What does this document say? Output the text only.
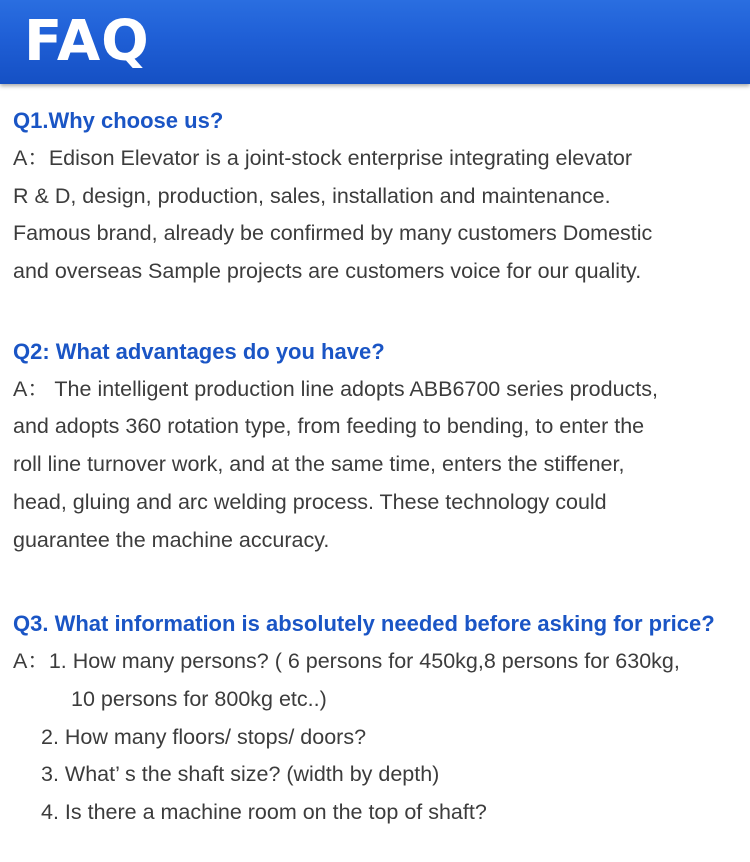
FAQ
Q1.Why choose us?
A：Edison Elevator is a joint-stock enterprise integrating elevator
R & D, design, production, sales, installation and maintenance.
Famous brand, already be confirmed by many customers Domestic
and overseas Sample projects are customers voice for our quality.
Q2: What advantages do you have?
A： The intelligent production line adopts ABB6700 series products,
and adopts 360 rotation type, from feeding to bending, to enter the
roll line turnover work, and at the same time, enters the stiffener,
head, gluing and arc welding process. These technology could
guarantee the machine accuracy.
Q3. What information is absolutely needed before asking for price?
A：1. How many persons? ( 6 persons for 450kg,8 persons for 630kg,
10 persons for 800kg etc..)
2. How many floors/ stops/ doors?
3. What’ s the shaft size? (width by depth)
4. Is there a machine room on the top of shaft?
